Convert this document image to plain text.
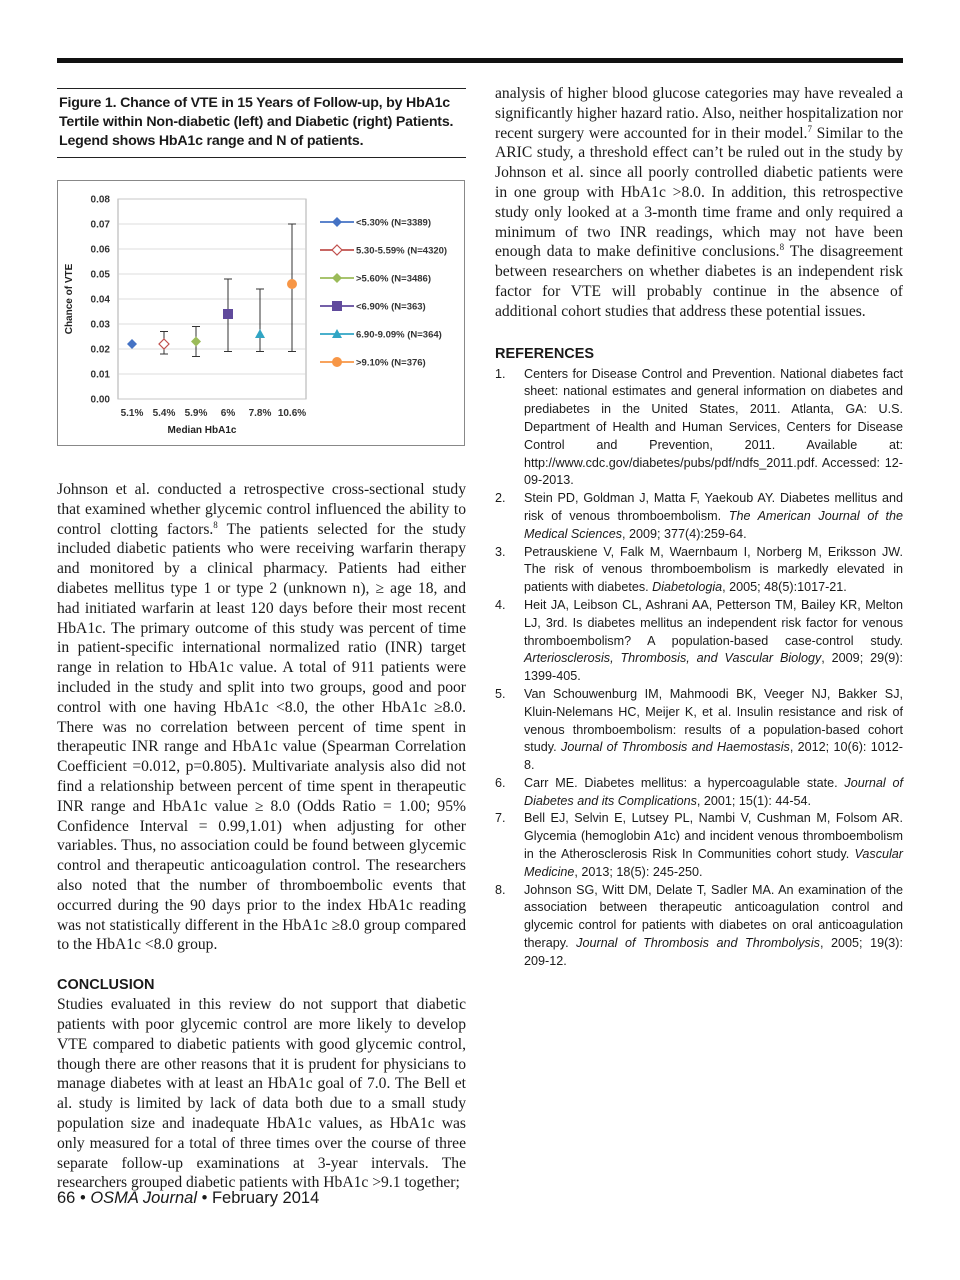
Figure 1. Chance of VTE in 15 Years of Follow-up, by HbA1c Tertile within Non-diabetic (left) and Diabetic (right) Patients. Legend shows HbA1c range and N of patients.

0.00
0.01
0.02
0.03
0.04
0.05
0.06
0.07
0.08
Chance of VTE
Median HbA1c
5.1% 5.4% 5.9% 6% 7.8% 10.6%
<5.30% (N=3389)
5.30-5.59% (N=4320)
>5.60% (N=3486)
<6.90% (N=363)
6.90-9.09% (N=364)
>9.10% (N=376)

Johnson et al. conducted a retrospective cross-sectional study that examined whether glycemic control influenced the ability to control clotting factors.$^8$ The patients selected for the study included diabetic patients who were receiving warfarin therapy and monitored by a clinical pharmacy. Patients had either diabetes mellitus type 1 or type 2 (unknown n), ≥ age 18, and had initiated warfarin at least 120 days before their most recent HbA1c. The primary outcome of this study was percent of time in patient-specific international normalized ratio (INR) target range in relation to HbA1c value. A total of 911 patients were included in the study and split into two groups, good and poor control with one having HbA1c <8.0, the other HbA1c ≥8.0. There was no correlation between percent of time spent in therapeutic INR range and HbA1c value (Spearman Correlation Coefficient =0.012, p=0.805). Multivariate analysis also did not find a relationship between percent of time spent in therapeutic INR range and HbA1c value ≥ 8.0 (Odds Ratio = 1.00; 95% Confidence Interval = 0.99,1.01) when adjusting for other variables. Thus, no association could be found between glycemic control and therapeutic anticoagulation control. The researchers also noted that the number of thromboembolic events that occurred during the 90 days prior to the index HbA1c reading was not statistically different in the HbA1c ≥8.0 group compared to the HbA1c <8.0 group.

CONCLUSION

Studies evaluated in this review do not support that diabetic patients with poor glycemic control are more likely to develop VTE compared to diabetic patients with good glycemic control, though there are other reasons that it is prudent for physicians to manage diabetes with at least an HbA1c goal of 7.0. The Bell et al. study is limited by lack of data both due to a small study population size and inadequate HbA1c values, as HbA1c was only measured for a total of three times over the course of three separate follow-up examinations at 3-year intervals. The researchers grouped diabetic patients with HbA1c >9.1 together;

analysis of higher blood glucose categories may have revealed a significantly higher hazard ratio. Also, neither hospitalization nor recent surgery were accounted for in their model.$^7$ Similar to the ARIC study, a threshold effect can’t be ruled out in the study by Johnson et al. since all poorly controlled diabetic patients were in one group with HbA1c >8.0. In addition, this retrospective study only looked at a 3-month time frame and only required a minimum of two INR readings, which may not have been enough data to make definitive conclusions.$^8$ The disagreement between researchers on whether diabetes is an independent risk factor for VTE will probably continue in the absence of additional cohort studies that address these potential issues.

REFERENCES
1.	Centers for Disease Control and Prevention. National diabetes fact sheet: national estimates and general information on diabetes and prediabetes in the United States, 2011. Atlanta, GA: U.S. Department of Health and Human Services, Centers for Disease Control and Prevention, 2011. Available at: http://www.cdc.gov/diabetes/pubs/pdf/ndfs_2011.pdf. Accessed: 12-09-2013.
2.	Stein PD, Goldman J, Matta F, Yaekoub AY. Diabetes mellitus and risk of venous thromboembolism. The American Journal of the Medical Sciences, 2009; 377(4):259-64.
3.	Petrauskiene V, Falk M, Waernbaum I, Norberg M, Eriksson JW. The risk of venous thromboembolism is markedly elevated in patients with diabetes. Diabetologia, 2005; 48(5):1017-21.
4.	Heit JA, Leibson CL, Ashrani AA, Petterson TM, Bailey KR, Melton LJ, 3rd. Is diabetes mellitus an independent risk factor for venous thromboembolism? A population-based case-control study. Arteriosclerosis, Thrombosis, and Vascular Biology, 2009; 29(9): 1399-405.
5.	Van Schouwenburg IM, Mahmoodi BK, Veeger NJ, Bakker SJ, Kluin-Nelemans HC, Meijer K, et al. Insulin resistance and risk of venous thromboembolism: results of a population-based cohort study. Journal of Thrombosis and Haemostasis, 2012; 10(6): 1012-8.
6.	Carr ME. Diabetes mellitus: a hypercoagulable state. Journal of Diabetes and its Complications, 2001; 15(1): 44-54.
7.	Bell EJ, Selvin E, Lutsey PL, Nambi V, Cushman M, Folsom AR. Glycemia (hemoglobin A1c) and incident venous thromboembolism in the Atherosclerosis Risk In Communities cohort study. Vascular Medicine, 2013; 18(5): 245-250.
8.	Johnson SG, Witt DM, Delate T, Sadler MA. An examination of the association between therapeutic anticoagulation control and glycemic control for patients with diabetes on oral anticoagulation therapy. Journal of Thrombosis and Thrombolysis, 2005; 19(3): 209-12.
66 • OSMA Journal • February 2014
